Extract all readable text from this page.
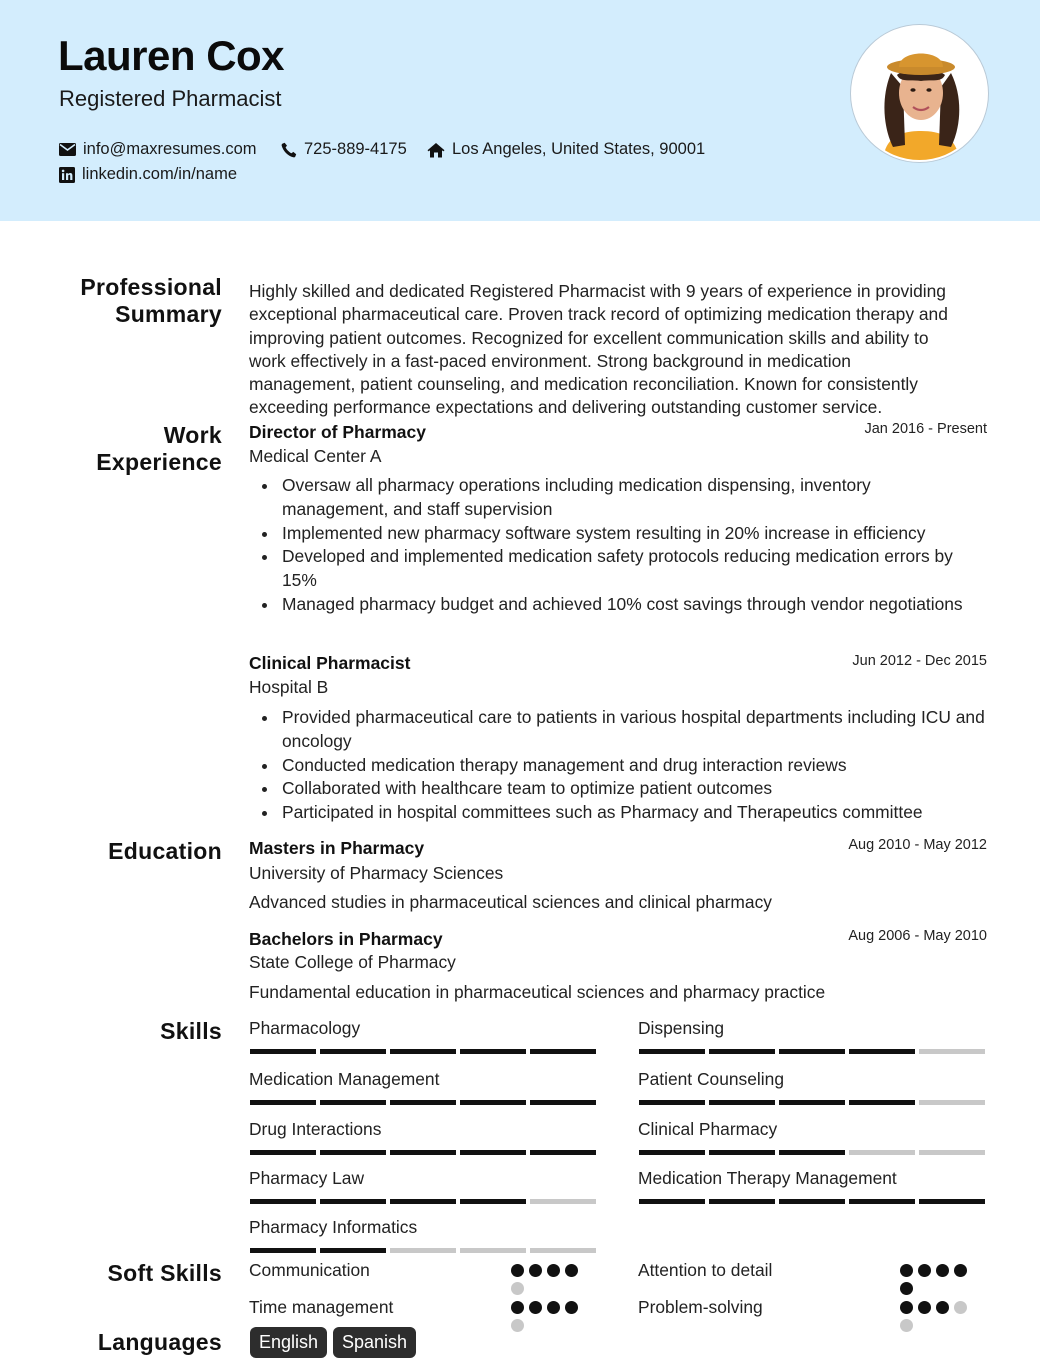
Lauren Cox
Registered Pharmacist
info@maxresumes.com	725-889-4175	Los Angeles, United States, 90001
linkedin.com/in/name
Professional
Summary
Highly skilled and dedicated Registered Pharmacist with 9 years of experience in providing
exceptional pharmaceutical care. Proven track record of optimizing medication therapy and
improving patient outcomes. Recognized for excellent communication skills and ability to
work effectively in a fast-paced environment. Strong background in medication
management, patient counseling, and medication reconciliation. Known for consistently
exceeding performance expectations and delivering outstanding customer service.
Work
Experience
Director of Pharmacy	Jan 2016 - Present
Medical Center A
Oversaw all pharmacy operations including medication dispensing, inventory management, and staff supervision
Implemented new pharmacy software system resulting in 20% increase in efficiency
Developed and implemented medication safety protocols reducing medication errors by 15%
Managed pharmacy budget and achieved 10% cost savings through vendor negotiations
Clinical Pharmacist	Jun 2012 - Dec 2015
Hospital B
Provided pharmaceutical care to patients in various hospital departments including ICU and oncology
Conducted medication therapy management and drug interaction reviews
Collaborated with healthcare team to optimize patient outcomes
Participated in hospital committees such as Pharmacy and Therapeutics committee
Education Masters in Pharmacy	Aug 2010 - May 2012
University of Pharmacy Sciences
Advanced studies in pharmaceutical sciences and clinical pharmacy
Bachelors in Pharmacy	Aug 2006 - May 2010
State College of Pharmacy
Fundamental education in pharmaceutical sciences and pharmacy practice
Skills Pharmacology	Dispensing
Medication Management	Patient Counseling
Drug Interactions	Clinical Pharmacy
Pharmacy Law	Medication Therapy Management
Pharmacy Informatics
Soft Skills Communication	Attention to detail
Time management	Problem-solving
Languages	English	Spanish
